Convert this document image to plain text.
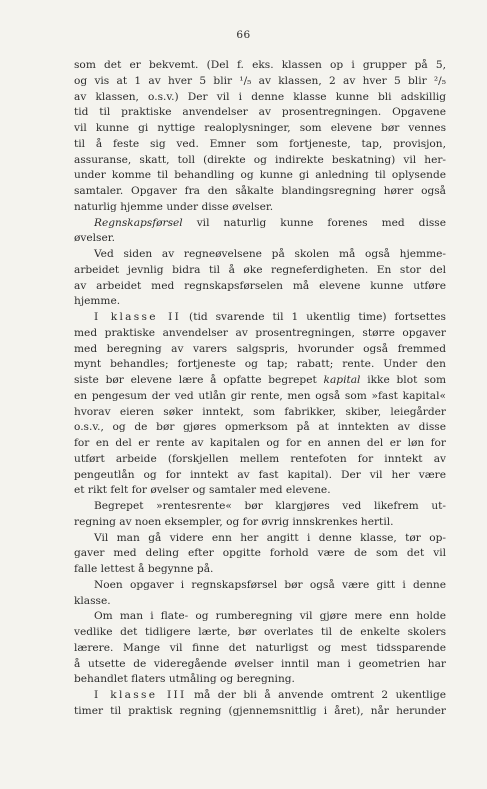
66
som det er bekvemt. (Del f. eks. klassen op i grupper på 5,
og vis at 1 av hver 5 blir ¹/₅ av klassen, 2 av hver 5 blir ²/₅
av klassen, o.s.v.) Der vil i denne klasse kunne bli adskillig
tid til praktiske anvendelser av prosentregningen. Opgavene
vil kunne gi nyttige realoplysninger, som elevene bør vennes
til å feste sig ved. Emner som fortjeneste, tap, provisjon,
assuranse, skatt, toll (direkte og indirekte beskatning) vil her-
under komme til behandling og kunne gi anledning til oplysende
samtaler. Opgaver fra den såkalte blandingsregning hører også
naturlig hjemme under disse øvelser.
Regnskapsførsel vil naturlig kunne forenes med disse
øvelser.
Ved siden av regneøvelsene på skolen må også hjemme-
arbeidet jevnlig bidra til å øke regneferdigheten. En stor del
av arbeidet med regnskapsførselen må elevene kunne utføre
hjemme.
I klasse II (tid svarende til 1 ukentlig time) fortsettes
med praktiske anvendelser av prosentregningen, større opgaver
med beregning av varers salgspris, hvorunder også fremmed
mynt behandles; fortjeneste og tap; rabatt; rente. Under den
siste bør elevene lære å opfatte begrepet kapital ikke blot som
en pengesum der ved utlån gir rente, men også som »fast kapital«
hvorav eieren søker inntekt, som fabrikker, skiber, leiegårder
o.s.v., og de bør gjøres opmerksom på at inntekten av disse
for en del er rente av kapitalen og for en annen del er løn for
utført arbeide (forskjellen mellem rentefoten for inntekt av
pengeutlån og for inntekt av fast kapital). Der vil her være
et rikt felt for øvelser og samtaler med elevene.
Begrepet »rentesrente« bør klargjøres ved likefrem ut-
regning av noen eksempler, og for øvrig innskrenkes hertil.
Vil man gå videre enn her angitt i denne klasse, tør op-
gaver med deling efter opgitte forhold være de som det vil
falle lettest å begynne på.
Noen opgaver i regnskapsførsel bør også være gitt i denne
klasse.
Om man i flate- og rumberegning vil gjøre mere enn holde
vedlike det tidligere lærte, bør overlates til de enkelte skolers
lærere. Mange vil finne det naturligst og mest tidssparende
å utsette de videregående øvelser inntil man i geometrien har
behandlet flaters utmåling og beregning.
I klasse III må der bli å anvende omtrent 2 ukentlige
timer til praktisk regning (gjennemsnittlig i året), når herunder
